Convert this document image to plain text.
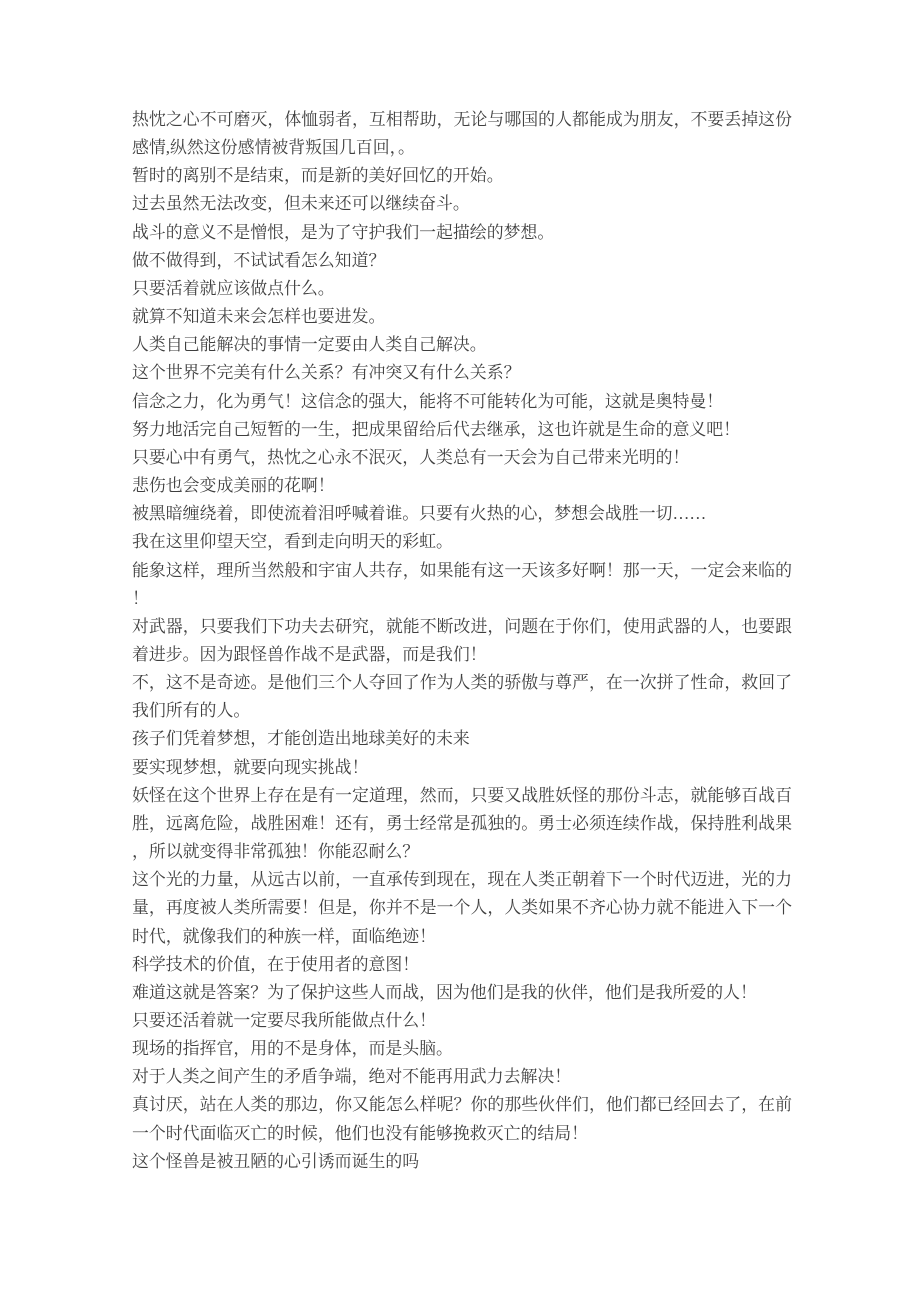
热忱之心不可磨灭，体恤弱者，互相帮助，无论与哪国的人都能成为朋友，不要丢掉这份感情,纵然这份感情被背叛国几百回，。

暂时的离别不是结束，而是新的美好回忆的开始。

过去虽然无法改变，但未来还可以继续奋斗。

战斗的意义不是憎恨，是为了守护我们一起描绘的梦想。

做不做得到，不试试看怎么知道？

只要活着就应该做点什么。

就算不知道未来会怎样也要进发。

人类自己能解决的事情一定要由人类自己解决。

这个世界不完美有什么关系？有冲突又有什么关系？

信念之力，化为勇气！这信念的强大，能将不可能转化为可能，这就是奥特曼！

努力地活完自己短暂的一生，把成果留给后代去继承，这也许就是生命的意义吧！

只要心中有勇气，热忱之心永不泯灭，人类总有一天会为自己带来光明的！

悲伤也会变成美丽的花啊！

被黑暗缠绕着，即使流着泪呼喊着谁。只要有火热的心，梦想会战胜一切……

我在这里仰望天空，看到走向明天的彩虹。

能象这样，理所当然般和宇宙人共存，如果能有这一天该多好啊！那一天，一定会来临的！

对武器，只要我们下功夫去研究，就能不断改进，问题在于你们，使用武器的人，也要跟着进步。因为跟怪兽作战不是武器，而是我们！

不，这不是奇迹。是他们三个人夺回了作为人类的骄傲与尊严，在一次拼了性命，救回了我们所有的人。

孩子们凭着梦想，才能创造出地球美好的未来

要实现梦想，就要向现实挑战！

妖怪在这个世界上存在是有一定道理，然而，只要又战胜妖怪的那份斗志，就能够百战百胜，远离危险，战胜困难！还有，勇士经常是孤独的。勇士必须连续作战，保持胜利战果，所以就变得非常孤独！你能忍耐么？

这个光的力量，从远古以前，一直承传到现在，现在人类正朝着下一个时代迈进，光的力量，再度被人类所需要！但是，你并不是一个人，人类如果不齐心协力就不能进入下一个时代，就像我们的种族一样，面临绝迹！

科学技术的价值，在于使用者的意图！

难道这就是答案？为了保护这些人而战，因为他们是我的伙伴，他们是我所爱的人！

只要还活着就一定要尽我所能做点什么！

现场的指挥官，用的不是身体，而是头脑。

对于人类之间产生的矛盾争端，绝对不能再用武力去解决！

真讨厌，站在人类的那边，你又能怎么样呢？你的那些伙伴们，他们都已经回去了，在前一个时代面临灭亡的时候，他们也没有能够挽救灭亡的结局！

这个怪兽是被丑陋的心引诱而诞生的吗
